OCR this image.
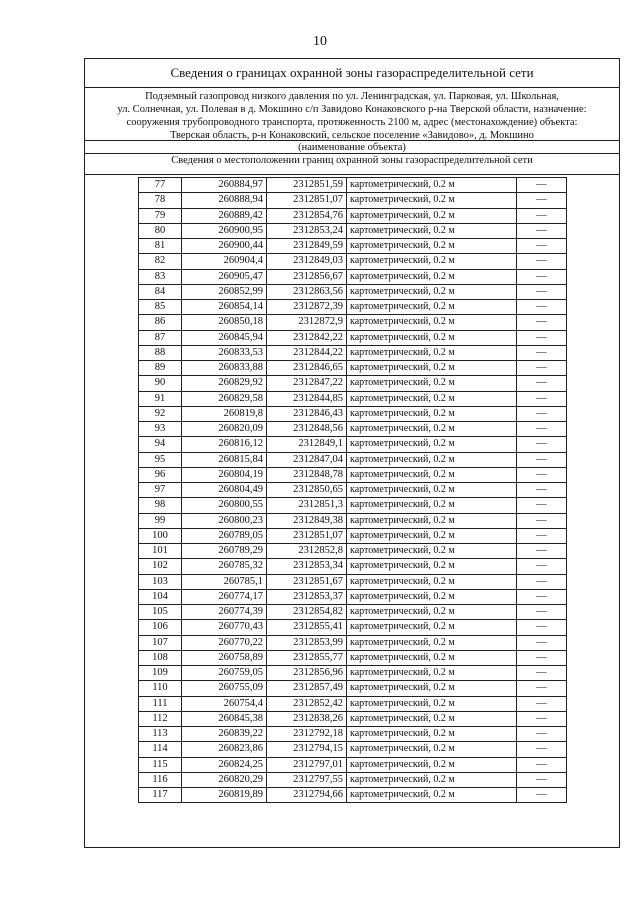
10
Сведения о границах охранной зоны газораспределительной сети
Подземный газопровод низкого давления по ул. Ленинградская, ул. Парковая, ул. Школьная,
ул. Солнечная, ул. Полевая в д. Мокшино с/п Завидово Конаковского р-на Тверской области, назначение:
сооружения трубопроводного транспорта, протяженность 2100 м, адрес (местонахождение) объекта:
Тверская область, р-н Конаковский, сельское поселение «Завидово», д. Мокшино
(наименование объекта)
Сведения о местоположении границ охранной зоны газораспределительной сети
77	260884,97	2312851,59	картометрический, 0.2 м	—
78	260888,94	2312851,07	картометрический, 0.2 м	—
79	260889,42	2312854,76	картометрический, 0.2 м	—
80	260900,95	2312853,24	картометрический, 0.2 м	—
81	260900,44	2312849,59	картометрический, 0.2 м	—
82	260904,4	2312849,03	картометрический, 0.2 м	—
83	260905,47	2312856,67	картометрический, 0.2 м	—
84	260852,99	2312863,56	картометрический, 0.2 м	—
85	260854,14	2312872,39	картометрический, 0.2 м	—
86	260850,18	2312872,9	картометрический, 0.2 м	—
87	260845,94	2312842,22	картометрический, 0.2 м	—
88	260833,53	2312844,22	картометрический, 0.2 м	—
89	260833,88	2312846,65	картометрический, 0.2 м	—
90	260829,92	2312847,22	картометрический, 0.2 м	—
91	260829,58	2312844,85	картометрический, 0.2 м	—
92	260819,8	2312846,43	картометрический, 0.2 м	—
93	260820,09	2312848,56	картометрический, 0.2 м	—
94	260816,12	2312849,1	картометрический, 0.2 м	—
95	260815,84	2312847,04	картометрический, 0.2 м	—
96	260804,19	2312848,78	картометрический, 0.2 м	—
97	260804,49	2312850,65	картометрический, 0.2 м	—
98	260800,55	2312851,3	картометрический, 0.2 м	—
99	260800,23	2312849,38	картометрический, 0.2 м	—
100	260789,05	2312851,07	картометрический, 0.2 м	—
101	260789,29	2312852,8	картометрический, 0.2 м	—
102	260785,32	2312853,34	картометрический, 0.2 м	—
103	260785,1	2312851,67	картометрический, 0.2 м	—
104	260774,17	2312853,37	картометрический, 0.2 м	—
105	260774,39	2312854,82	картометрический, 0.2 м	—
106	260770,43	2312855,41	картометрический, 0.2 м	—
107	260770,22	2312853,99	картометрический, 0.2 м	—
108	260758,89	2312855,77	картометрический, 0.2 м	—
109	260759,05	2312856,96	картометрический, 0.2 м	—
110	260755,09	2312857,49	картометрический, 0.2 м	—
111	260754,4	2312852,42	картометрический, 0.2 м	—
112	260845,38	2312838,26	картометрический, 0.2 м	—
113	260839,22	2312792,18	картометрический, 0.2 м	—
114	260823,86	2312794,15	картометрический, 0.2 м	—
115	260824,25	2312797,01	картометрический, 0.2 м	—
116	260820,29	2312797,55	картометрический, 0.2 м	—
117	260819,89	2312794,66	картометрический, 0.2 м	—
